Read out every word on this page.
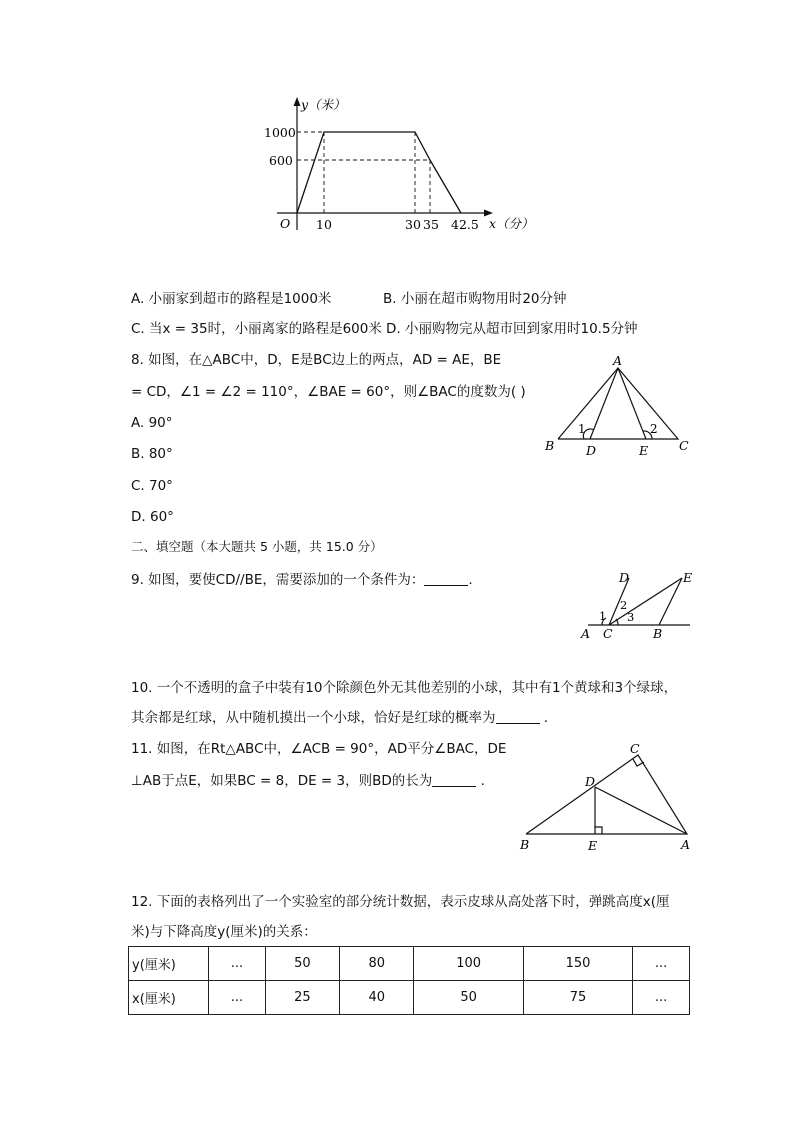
y（米）
x（分）
O
1000
600
10	30 35 42.5
A. 小丽家到超市的路程是1000米	B. 小丽在超市购物用时20分钟
C. 当x = 35时，小丽离家的路程是600米 D. 小丽购物完从超市回到家用时10.5分钟
8. 如图，在△ABC中，D，E是BC边上的两点，AD = AE，BE
= CD，∠1 = ∠2 = 110°，∠BAE = 60°，则∠BAC的度数为( )
A. 90°
B. 80°
C. 70°
D. 60°
A
B	D	E C
1	2
二、填空题（本大题共 5 小题，共 15.0 分）
9. 如图，要使CD//BE，需要添加的一个条件为：	.	D	E
A C	B
1
2
3
10. 一个不透明的盒子中装有10个除颜色外无其他差别的小球，其中有1个黄球和3个绿球，
其余都是红球，从中随机摸出一个小球，恰好是红球的概率为	.
11. 如图，在Rt△ABC中，∠ACB = 90°，AD平分∠BAC，DE
⊥AB于点E，如果BC = 8，DE = 3，则BD的长为	.
C
D
B	E	A
12. 下面的表格列出了一个实验室的部分统计数据，表示皮球从高处落下时，弹跳高度x(厘
米)与下降高度y(厘米)的关系：
y(厘米)	...	50	80	100	150	...
x(厘米)	...	25	40	50	75	...
